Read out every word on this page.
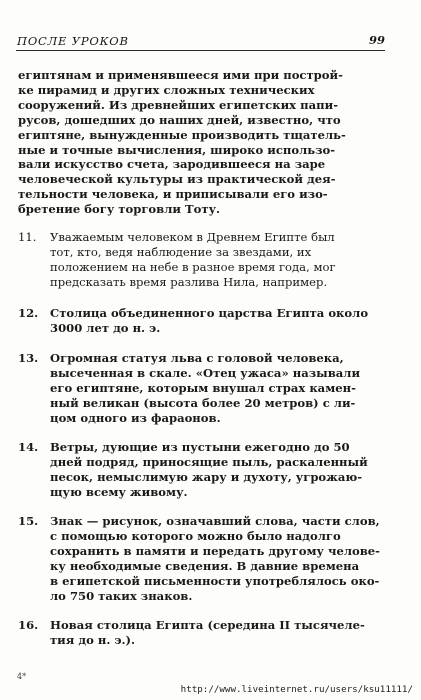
ПОСЛЕ УРОКОВ	99
египтянам и применявшееся ими при построй-
ке пирамид и других сложных технических
сооружений. Из древнейших египетских папи-
русов, дошедших до наших дней, известно, что
египтяне, вынужденные производить тщатель-
ные и точные вычисления, широко использо-
вали искусство счета, зародившееся на заре
человеческой культуры из практической дея-
тельности человека, и приписывали его изо-
бретение богу торговли Тоту.
11.	Уважаемым человеком в Древнем Египте был
тот, кто, ведя наблюдение за звездами, их
положением на небе в разное время года, мог
предсказать время разлива Нила, например.
12.	Столица объединенного царства Египта около
3000 лет до н. э.
13.	Огромная статуя льва с головой человека,
высеченная в скале. «Отец ужаса» называли
его египтяне, которым внушал страх камен-
ный великан (высота более 20 метров) с ли-
цом одного из фараонов.
14.	Ветры, дующие из пустыни ежегодно до 50
дней подряд, приносящие пыль, раскаленный
песок, немыслимую жару и духоту, угрожаю-
щую всему живому.
15.	Знак — рисунок, означавший слова, части слов,
с помощью которого можно было надолго
сохранить в памяти и передать другому челове-
ку необходимые сведения. В давние времена
в египетской письменности употреблялось око-
ло 750 таких знаков.
16.	Новая столица Египта (середина II тысячеле-
тия до н. э.).
4*
http://www.liveinternet.ru/users/ksu11111/
